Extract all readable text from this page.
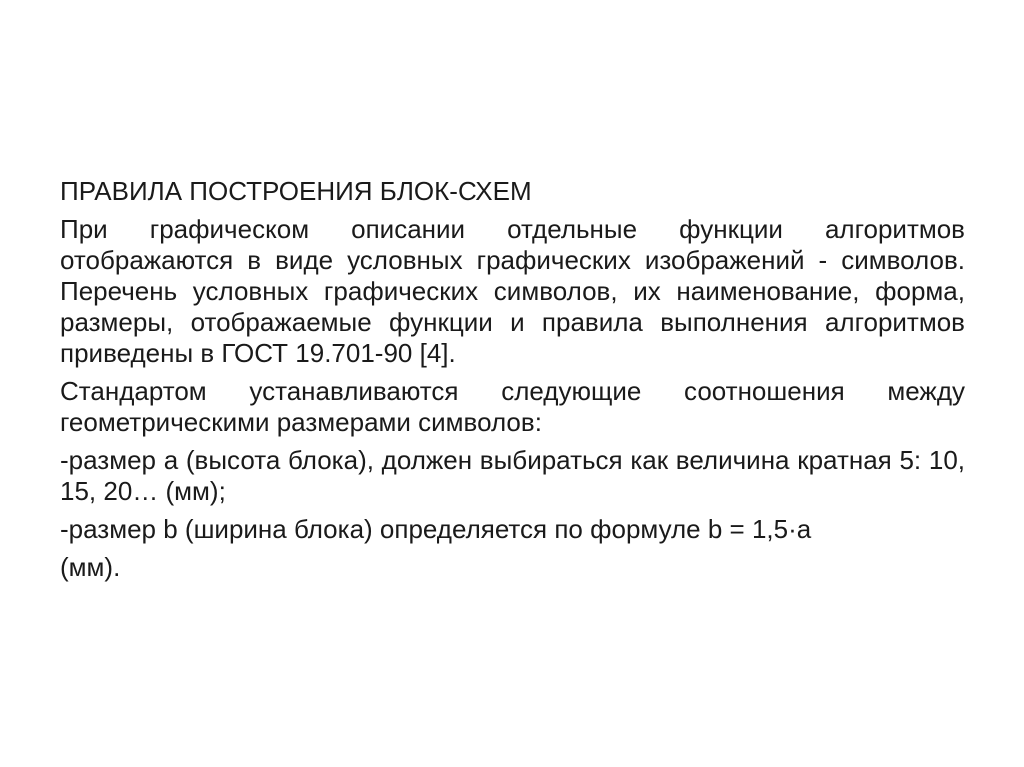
ПРАВИЛА ПОСТРОЕНИЯ БЛОК-СХЕМ
При графическом описании отдельные функции алгоритмов отображаются в виде условных графических изображений - символов. Перечень условных графических символов, их наименование, форма, размеры, отображаемые функции и правила выполнения алгоритмов приведены в ГОСТ 19.701-90 [4].
Стандартом устанавливаются следующие соотношения между геометрическими размерами символов:
-размер a (высота блока), должен выбираться как величина кратная 5: 10, 15, 20… (мм);
-размер b (ширина блока) определяется по формуле b = 1,5·a
(мм).
